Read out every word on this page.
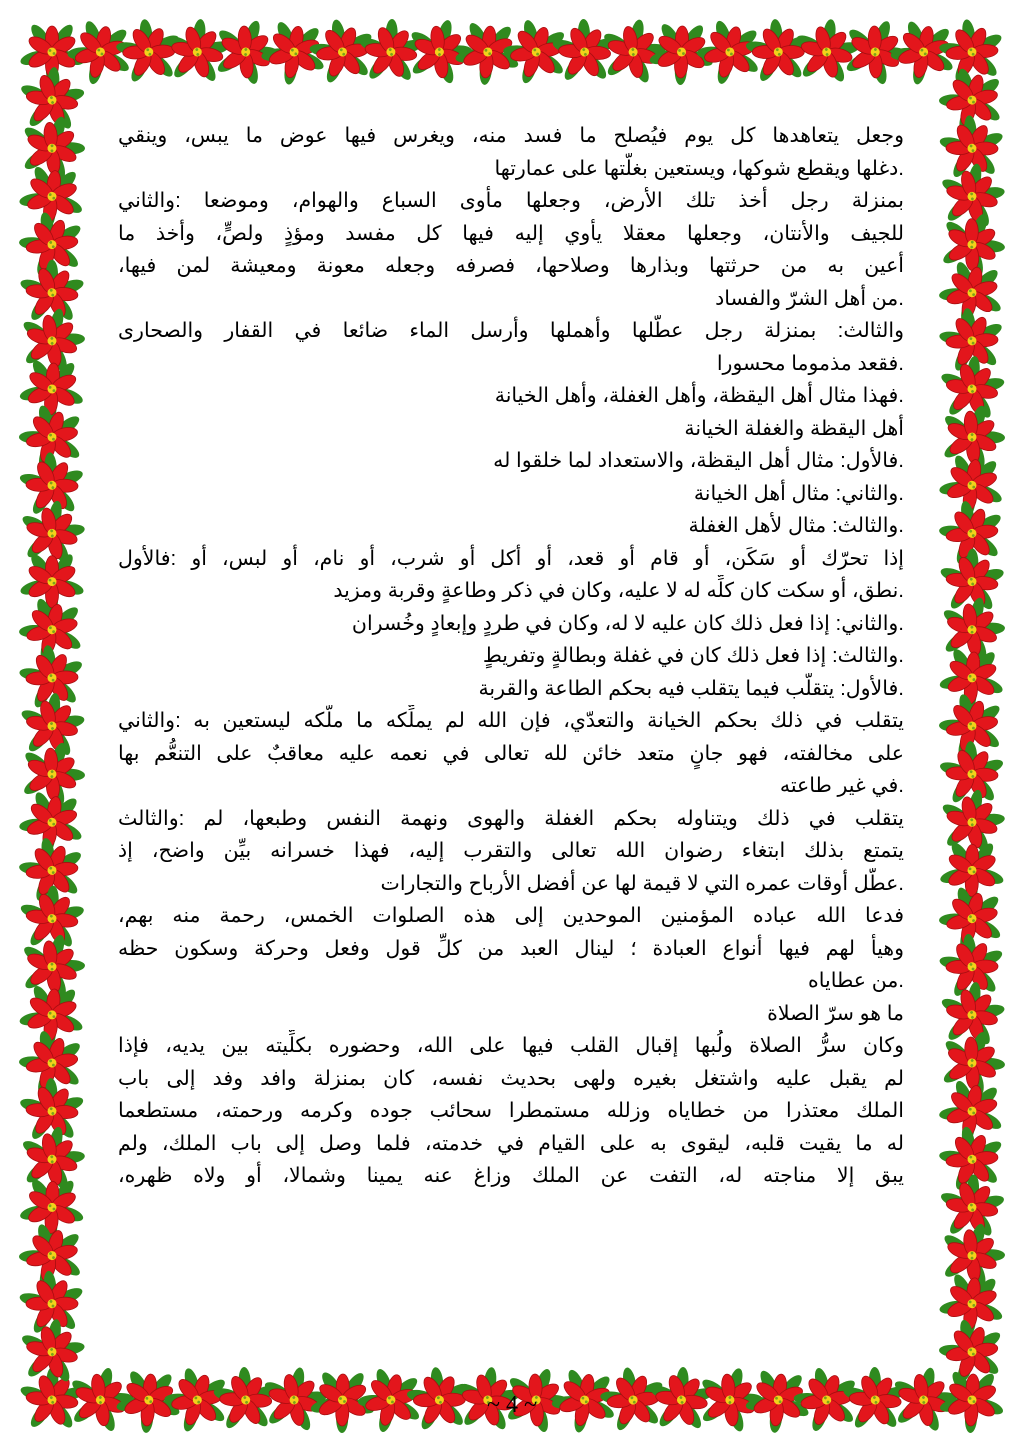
وجعل يتعاهدها كل يوم فيُصلح ما فسد منه، ويغرس فيها عوض ما يبس، وينقي
.دغلها ويقطع شوكها، ويستعين بغلَّتها على عمارتها
بمنزلة رجل أخذ تلك الأرض، وجعلها مأوى السباع والهوام، وموضعا :والثاني
للجيف والأنتان، وجعلها معقلا يأوي إليه فيها كل مفسد ومؤذٍ ولصٍّ، وأخذ ما
أعين به من حرثتها وبذارها وصلاحها، فصرفه وجعله معونة ومعيشة لمن فيها،
.من أهل الشرّ والفساد
والثالث: بمنزلة رجل عطَّلها وأهملها وأرسل الماء ضائعا في القفار والصحارى
.فقعد مذموما محسورا
.فهذا مثال أهل اليقظة، وأهل الغفلة، وأهل الخيانة
أهل اليقظة والغفلة الخيانة
.فالأول: مثال أهل اليقظة، والاستعداد لما خلقوا له
.والثاني: مثال أهل الخيانة
.والثالث: مثال لأهل الغفلة
إذا تحرّك أو سَكَن، أو قام أو قعد، أو أكل أو شرب، أو نام، أو لبس، أو :فالأول
.نطق، أو سكت كان كلِّه له لا عليه، وكان في ذكر وطاعةٍ وقربة ومزيد
.والثاني: إذا فعل ذلك كان عليه لا له، وكان في طردٍ وإبعادٍ وخُسران
.والثالث: إذا فعل ذلك كان في غفلة وبطالةٍ وتفريطٍ
.فالأول: يتقلَّب فيما يتقلب فيه بحكم الطاعة والقربة
يتقلب في ذلك بحكم الخيانة والتعدّي، فإن الله لم يملِّكه ما ملّكه ليستعين به :والثاني
على مخالفته، فهو جانٍ متعد خائن لله تعالى في نعمه عليه معاقبٌ على التنعُّم بها
.في غير طاعته
يتقلب في ذلك ويتناوله بحكم الغفلة والهوى ونهمة النفس وطبعها، لم :والثالث
يتمتع بذلك ابتغاء رضوان الله تعالى والتقرب إليه، فهذا خسرانه بيِّن واضح، إذ
.عطّل أوقات عمره التي لا قيمة لها عن أفضل الأرباح والتجارات
فدعا الله عباده المؤمنين الموحدين إلى هذه الصلوات الخمس، رحمة منه بهم،
وهيأ لهم فيها أنواع العبادة ؛ لينال العبد من كلِّ قول وفعل وحركة وسكون حظه
.من عطاياه
ما هو سرّ الصلاة
وكان سرُّ الصلاة ولُبها إقبال القلب فيها على الله، وحضوره بكلِّيته بين يديه، فإذا
لم يقبل عليه واشتغل بغيره ولهى بحديث نفسه، كان بمنزلة وافد وفد إلى باب
الملك معتذرا من خطاياه وزلله مستمطرا سحائب جوده وكرمه ورحمته، مستطعما
له ما يقيت قلبه، ليقوى به على القيام في خدمته، فلما وصل إلى باب الملك، ولم
يبق إلا مناجته له، التفت عن الملك وزاغ عنه يمينا وشمالا، أو ولاه ظهره،
~ 4 ~
